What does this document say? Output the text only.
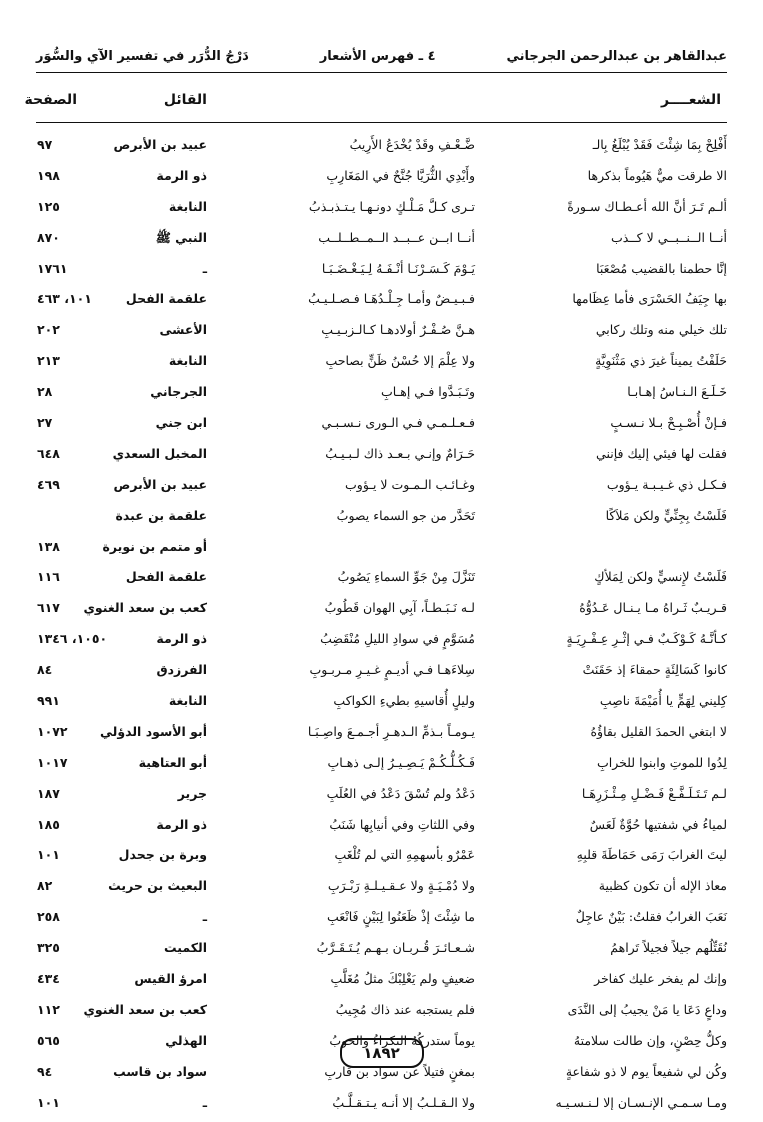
عبدالقاهر بن عبدالرحمن الجرجاني
٤ ـ فهرس الأشعار
دَرْجُ الدُّرَر في تفسير الآي والسُّوَر
الشعــــر
القائل
الصفحة
أَفْلِحْ بِمَا شِئْتَ فَقَدْ يُبْلَغُ بِالـ
ضَّـعْـفِ وقَدْ يُخْدَعُ الأَرِيبُ
عبيد بن الأبرص
٩٧
الا طرقت ميٌّ هَيُوماً بذكرها
وأَيْدِي الثُّرَيَّا جُنَّحٌ في المَغَارِبِ
ذو الرمة
١٩٨
ألـم تَـرَ أنَّ الله أعـطـاك سـورةً
تـرى كـلَّ مَـلْـكٍ دونـهـا يـتـذبـذبُ
النابغة
١٢٥
أنــا الــنــبــي لا كــذب
أنــا ابــن عــبــد الــمــطــلــب
النبي ﷺ
٨٧٠
إنَّا حطمنا بالقضيب مُصْعَبَا
يَـوْمَ كَـسَـرْنَـا أنْـفَـهُ لِـيَـغْـضَـبَـا
ـ
١٧٦١
بها جِيَفُ الحَسْرَى فأما عِظَامها
فـبـيـضٌ وأمـا جِـلْـدُهَـا فـصـلـيـبُ
علقمة الفحل
١٠١، ٤٦٣
تلك خيلي منه وتلك ركابي
هـنَّ صُـفْـرٌ أولادهـا كـالـزبـيـبِ
الأعشى
٢٠٢
حَلَفْتُ يميناً غيرَ ذي مَثْنَوِيَّةٍ
ولا عِلْمَ إلا حُسْنُ ظَنٍّ بصاحبِ
النابغة
٢١٣
خَـلَـعَ الـنـاسُ إهـابـا
وتَـبَـدَّوا فـي إهـابِ
الجرجاني
٢٨
فـإنْ أُصْـبِـحْ بـلا نـسـبٍ
فـعـلـمـي فـي الـورى نـسـبـي
ابن جني
٢٧
فقلت لها فيئي إليك فإنني
حَـرَامٌ وإنـي بـعـد ذاك لـبـيـبُ
المخبل السعدي
٦٤٨
فـكـل ذي غـيـبـة يـؤوب
وغـائـب الـمـوت لا يـؤوب
عبيد بن الأبرص
٤٦٩
فَلَسْتُ بِجِنِّيٍّ ولكن مَلاَكًا
تَحَدَّر من جو السماء يصوبُ
علقمة بن عبدة
أو متمم بن نويرة
١٣٨
فَلَسْتُ لإِنسيٍّ ولكن لِمَلأكٍ
تَنَزَّلَ مِنْ جَوِّ السماءِ يَصُوبُ
علقمة الفحل
١١٦
قـريـبٌ ثَـراهُ مـا يـنـال عَـدُوُّهُ
لـه نَـبَـطـاً، آبِي الهوان قَطُوبُ
كعب بن سعد الغنوي
٦١٧
كـأنَّـهُ كَـوْكَـبٌ فـي إثْـرِ عِـفْـرِيَـةٍ
مُسَوَّمٍ في سوادِ الليلِ مُنْقَضِبُ
ذو الرمة
١٠٥٠، ١٣٤٦
كانوا كَسَالِئَةٍ حمقاءَ إذ حَقَنَتْ
سِلاءَهـا فـي أديـمٍ غـيـرِ مـربـوبِ
الفرزدق
٨٤
كِليني لِهَمٍّ يا أُمَيْمَةَ ناصِبِ
وليلٍ أُقاسيهِ بطيءِ الكواكبِ
النابغة
٩٩١
لا ابتغي الحمدَ القليل بقاؤُهُ
يـومـاً بـذمِّ الـدهـرِ أجـمـعَ واصِـبَـا
أبو الأسود الدؤلي
١٠٧٢
لِدُوا للموتِ وابنوا للخرابِ
فَـكُـلُّـكُـمْ يَـصِـيـرُ إلـى ذهـابِ
أبو العتاهية
١٠١٧
لـم تَـتَـلَـفَّـعْ فَـضْـلِ مِـئْـزَرِهَـا
دَعْدُ ولم تُسْقَ دَعْدُ في العُلَبِ
جرير
١٨٧
لمياءُ في شفتيها حُوَّةٌ لَعَسٌ
وفي اللثاتِ وفي أنيابِها شَنَبُ
ذو الرمة
١٨٥
ليتَ الغرابَ رَمَى حَمَاطَةَ قلبِهِ
عَمْرٌو بأسهمِهِ التي لم تُلْغَبِ
وبرة بن جحدل
١٠١
معاذ الإله أن تكون كظبية
ولا دُمْـيَـةٍ ولا عـقـيـلـةِ رَبْـرَبِ
البعيث بن حريث
٨٢
نَعَبَ الغرابُ فقلتُ: بَيْنٌ عاجِلٌ
ما شِئْتَ إذْ ظَعَنُوا لِبَيْنٍ فَانْعَبِ
ـ
٢٥٨
نُقَتِّلُهم جيلاً فجيلاً تَراهمُ
شـعـائـرَ قُـربـان بـهـم يُـتَـقَـرَّبُ
الكميت
٣٢٥
وإنك لم يفخر عليك كفاخر
ضعيفٍ ولم يَغْلِبْكَ مثلُ مُغَلَّبِ
امرؤ القيس
٤٣٤
وداعٍ دَعَا يا مَنْ يجيبُ إلى النَّدَى
فلم يستجبه عند ذاك مُجِيبُ
كعب بن سعد الغنوي
١١٢
وكلُّ حِصْنٍ، وإن طالت سلامتهُ
يوماً ستدركُهُ النكراءُ والحوبُ
الهذلي
٥٦٥
وكُن لي شفيعاً يوم لا ذو شفاعةٍ
بمغنٍ فتيلاً عن سواد بن قاربِ
سواد بن قاسب
٩٤
ومـا سـمـي الإنـسـان إلا لـنـسـيـه
ولا الـقـلـبُ إلا أنـه يـتـقـلَّـبُ
ـ
١٠١
١٨٩٢
